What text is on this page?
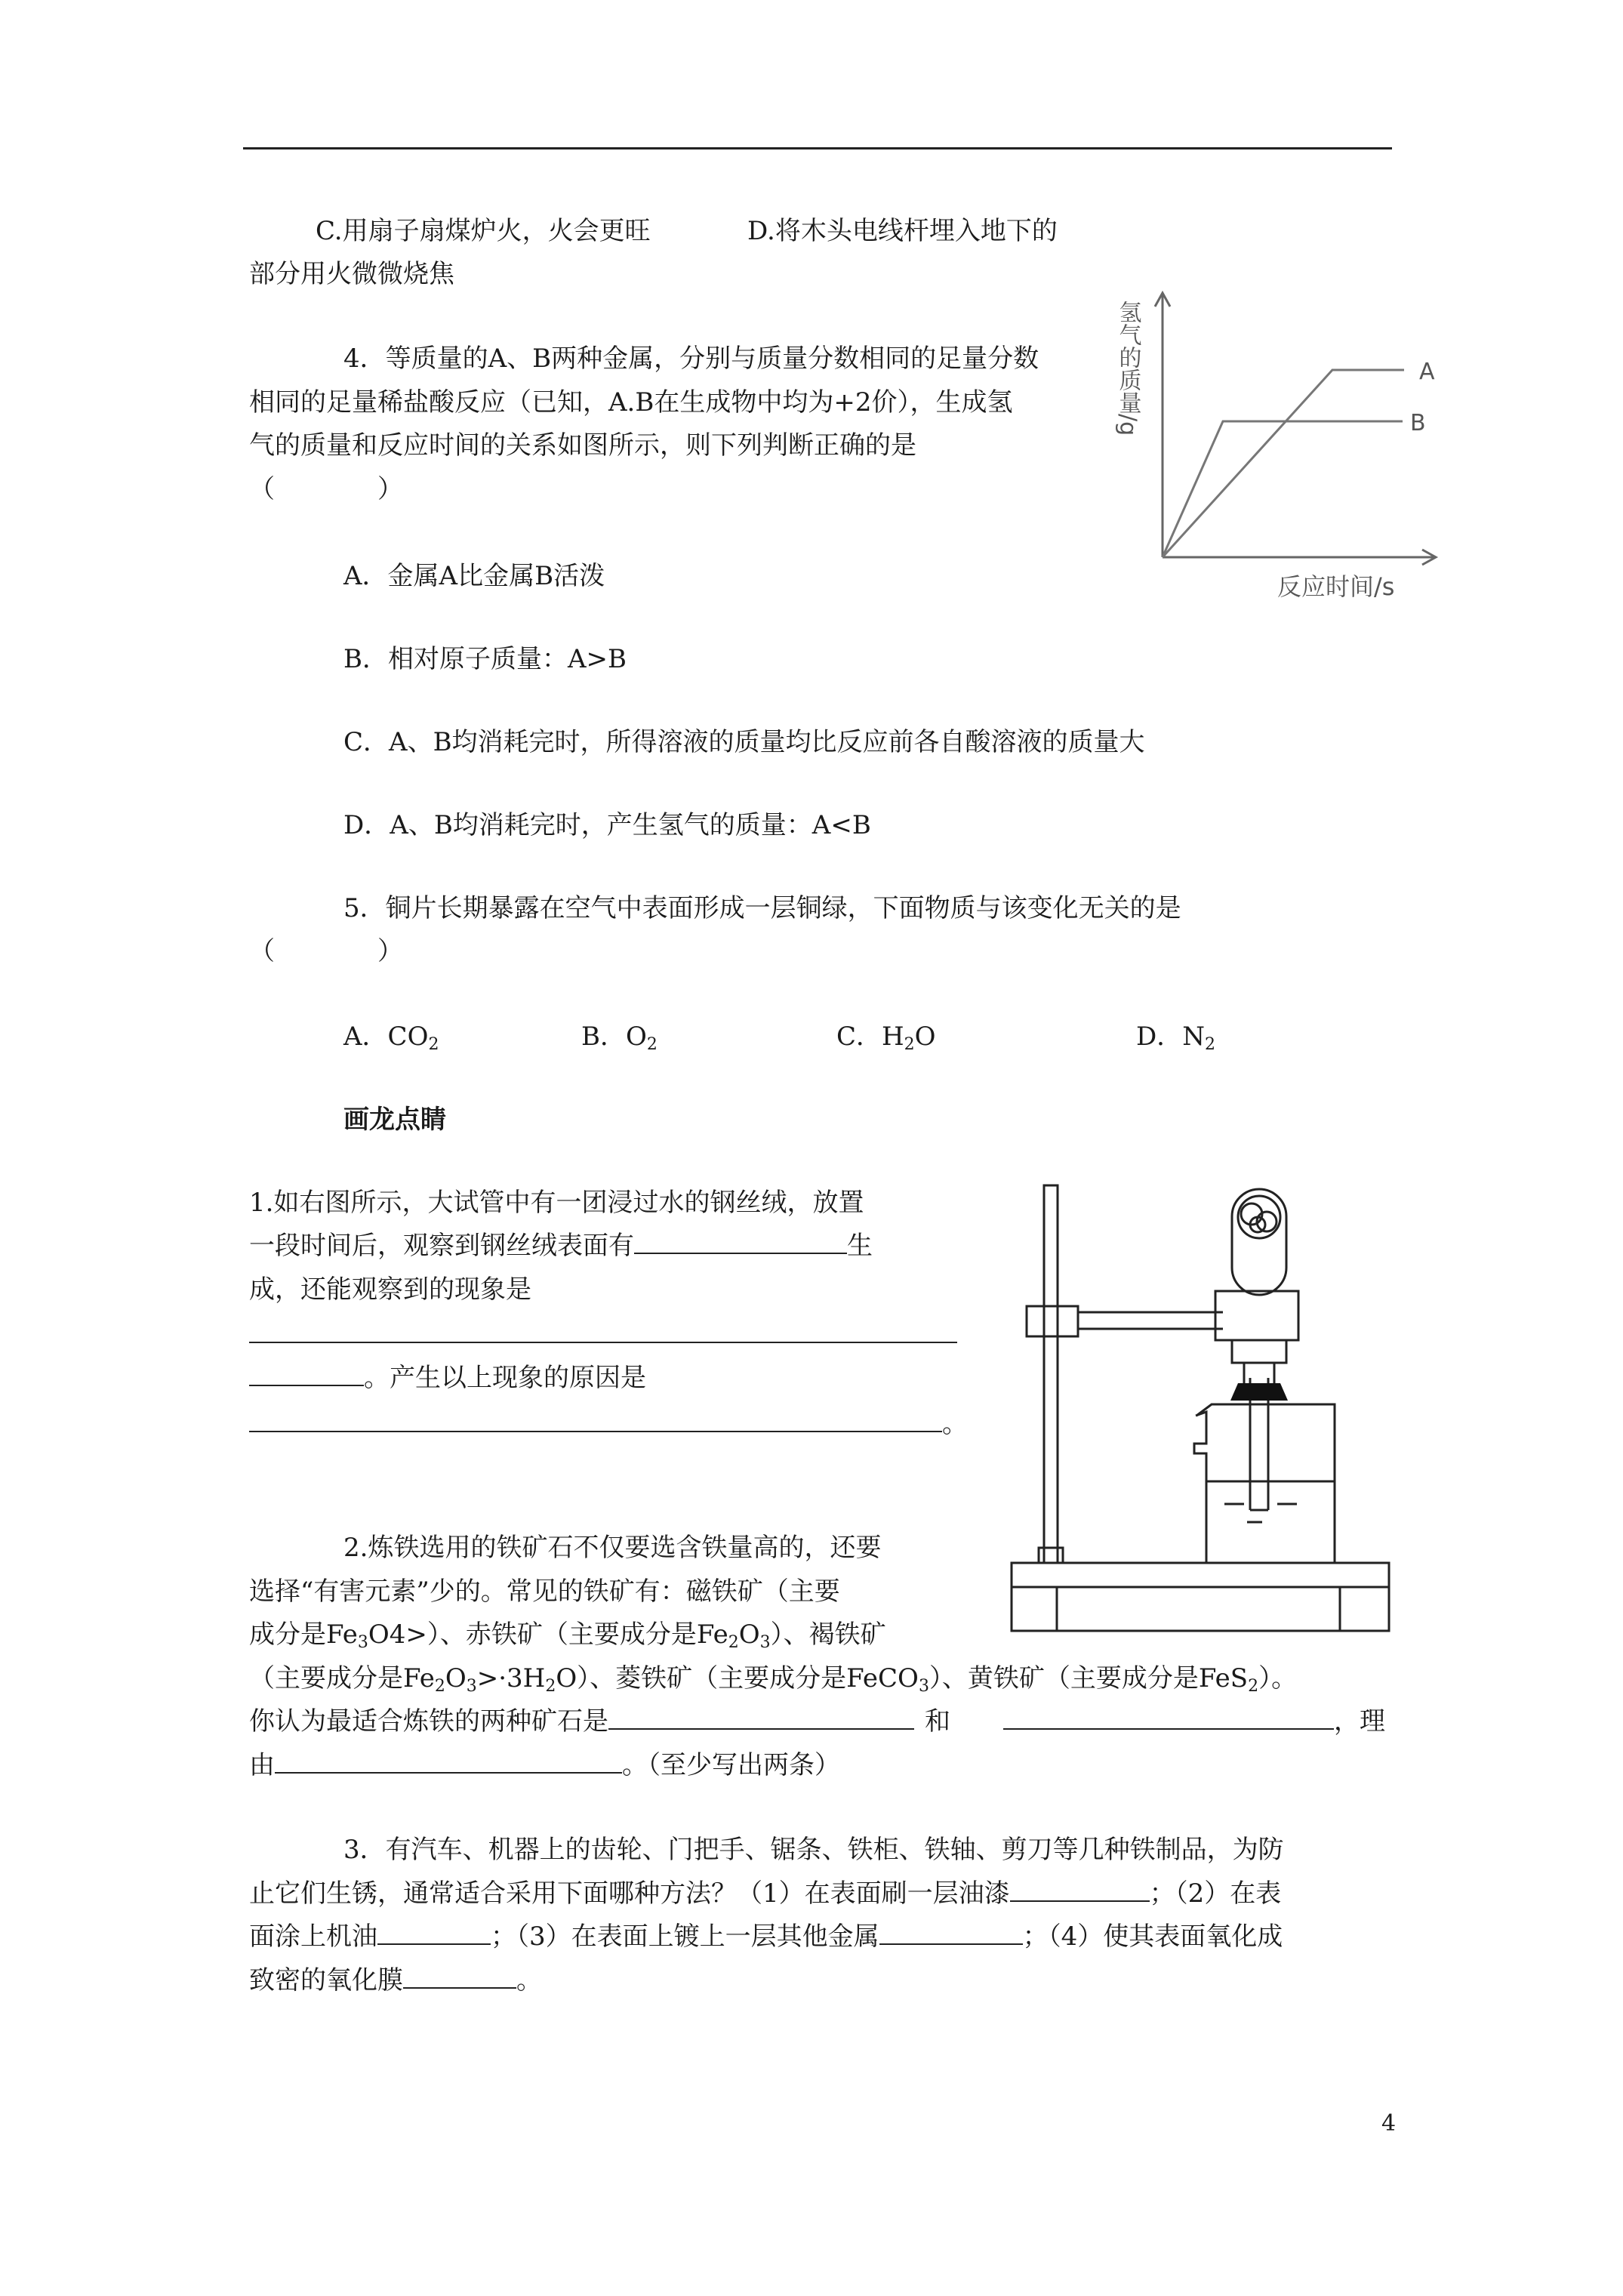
C.用扇子扇煤炉火，火会更旺	D.将木头电线杆埋入地下的
部分用火微微烧焦
4．等质量的A、B两种金属，分别与质量分数相同的足量分数
相同的足量稀盐酸反应（已知，A.B在生成物中均为+2价），生成氢
气的质量和反应时间的关系如图所示，则下列判断正确的是
（　　　　）
A
B
氢气的质量/g
反应时间/s
A．金属A比金属B活泼
B．相对原子质量：A>B
C．A、B均消耗完时，所得溶液的质量均比反应前各自酸溶液的质量大
D．A、B均消耗完时，产生氢气的质量：A<B
5．铜片长期暴露在空气中表面形成一层铜绿，下面物质与该变化无关的是
（　　　　）
A．$CO_2$	B．$O_2$	C．$H_2O$	D．$N_2$
画龙点睛
1.如右图所示，大试管中有一团浸过水的钢丝绒，放置
一段时间后，观察到钢丝绒表面有	生
成，还能观察到的现象是
。产生以上现象的原因是
。
2.炼铁选用的铁矿石不仅要选含铁量高的，还要
选择“有害元素”少的。常见的铁矿有：磁铁矿（主要
成分是$Fe_3O4>$）、赤铁矿（主要成分是$Fe_2O_3$）、褐铁矿
（主要成分是$Fe_2O_3>\cdot 3H_2O$）、菱铁矿（主要成分是FeCO$_3$）、黄铁矿（主要成分是FeS$_2$）。
你认为最适合炼铁的两种矿石是	和	，理
由	。（至少写出两条）
3．有汽车、机器上的齿轮、门把手、锯条、铁柜、铁轴、剪刀等几种铁制品，为防
止它们生锈，通常适合采用下面哪种方法？（1）在表面刷一层油漆	；（2）在表
面涂上机油	；（3）在表面上镀上一层其他金属	；（4）使其表面氧化成
致密的氧化膜	。
4
